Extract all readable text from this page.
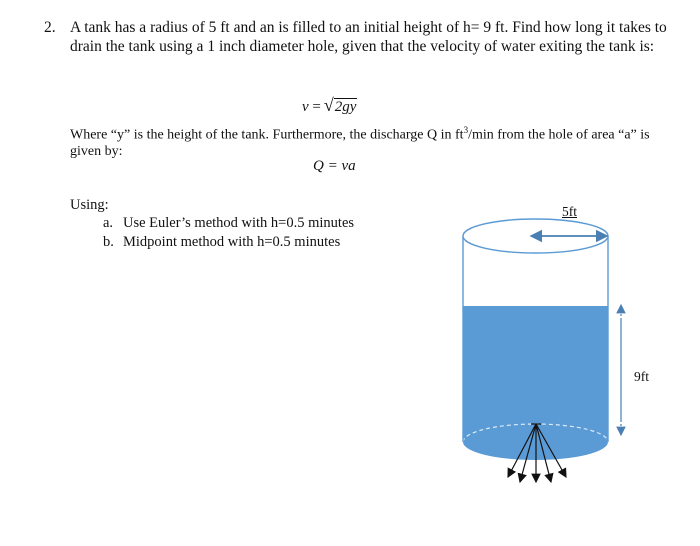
2. A tank has a radius of 5 ft and an is filled to an initial height of h= 9 ft. Find how long it takes to drain the tank using a 1 inch diameter hole, given that the velocity of water exiting the tank is:
v = √2gy
Where “y” is the height of the tank. Furthermore, the discharge Q in $ft^3/\min$ from the hole of area “a” is given by:
Q = va
Using:
a. Use Euler’s method with h=0.5 minutes
b. Midpoint method with h=0.5 minutes
5ft
9ft
